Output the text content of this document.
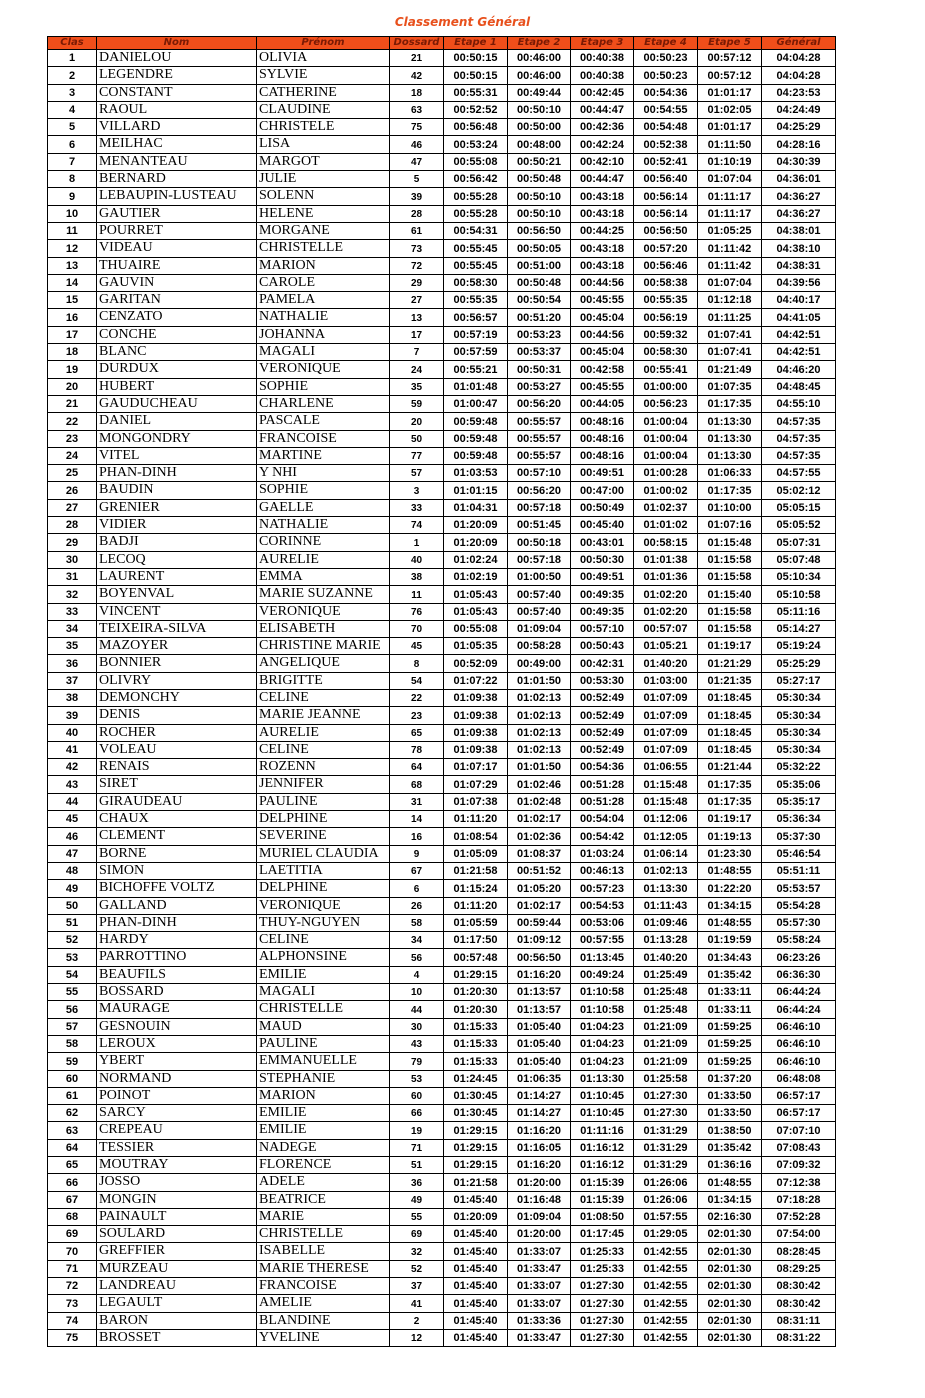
Classement Général
Clas	Nom	Prénom	Dossard	Etape 1	Etape 2	Etape 3	Etape 4	Etape 5	Général
1	DANIELOU	OLIVIA	21	00:50:15	00:46:00	00:40:38	00:50:23	00:57:12	04:04:28
2	LEGENDRE	SYLVIE	42	00:50:15	00:46:00	00:40:38	00:50:23	00:57:12	04:04:28
3	CONSTANT	CATHERINE	18	00:55:31	00:49:44	00:42:45	00:54:36	01:01:17	04:23:53
4	RAOUL	CLAUDINE	63	00:52:52	00:50:10	00:44:47	00:54:55	01:02:05	04:24:49
5	VILLARD	CHRISTELE	75	00:56:48	00:50:00	00:42:36	00:54:48	01:01:17	04:25:29
6	MEILHAC	LISA	46	00:53:24	00:48:00	00:42:24	00:52:38	01:11:50	04:28:16
7	MENANTEAU	MARGOT	47	00:55:08	00:50:21	00:42:10	00:52:41	01:10:19	04:30:39
8	BERNARD	JULIE	5	00:56:42	00:50:48	00:44:47	00:56:40	01:07:04	04:36:01
9	LEBAUPIN-LUSTEAU	SOLENN	39	00:55:28	00:50:10	00:43:18	00:56:14	01:11:17	04:36:27
10	GAUTIER	HELENE	28	00:55:28	00:50:10	00:43:18	00:56:14	01:11:17	04:36:27
11	POURRET	MORGANE	61	00:54:31	00:56:50	00:44:25	00:56:50	01:05:25	04:38:01
12	VIDEAU	CHRISTELLE	73	00:55:45	00:50:05	00:43:18	00:57:20	01:11:42	04:38:10
13	THUAIRE	MARION	72	00:55:45	00:51:00	00:43:18	00:56:46	01:11:42	04:38:31
14	GAUVIN	CAROLE	29	00:58:30	00:50:48	00:44:56	00:58:38	01:07:04	04:39:56
15	GARITAN	PAMELA	27	00:55:35	00:50:54	00:45:55	00:55:35	01:12:18	04:40:17
16	CENZATO	NATHALIE	13	00:56:57	00:51:20	00:45:04	00:56:19	01:11:25	04:41:05
17	CONCHE	JOHANNA	17	00:57:19	00:53:23	00:44:56	00:59:32	01:07:41	04:42:51
18	BLANC	MAGALI	7	00:57:59	00:53:37	00:45:04	00:58:30	01:07:41	04:42:51
19	DURDUX	VERONIQUE	24	00:55:21	00:50:31	00:42:58	00:55:41	01:21:49	04:46:20
20	HUBERT	SOPHIE	35	01:01:48	00:53:27	00:45:55	01:00:00	01:07:35	04:48:45
21	GAUDUCHEAU	CHARLENE	59	01:00:47	00:56:20	00:44:05	00:56:23	01:17:35	04:55:10
22	DANIEL	PASCALE	20	00:59:48	00:55:57	00:48:16	01:00:04	01:13:30	04:57:35
23	MONGONDRY	FRANCOISE	50	00:59:48	00:55:57	00:48:16	01:00:04	01:13:30	04:57:35
24	VITEL	MARTINE	77	00:59:48	00:55:57	00:48:16	01:00:04	01:13:30	04:57:35
25	PHAN-DINH	Y NHI	57	01:03:53	00:57:10	00:49:51	01:00:28	01:06:33	04:57:55
26	BAUDIN	SOPHIE	3	01:01:15	00:56:20	00:47:00	01:00:02	01:17:35	05:02:12
27	GRENIER	GAELLE	33	01:04:31	00:57:18	00:50:49	01:02:37	01:10:00	05:05:15
28	VIDIER	NATHALIE	74	01:20:09	00:51:45	00:45:40	01:01:02	01:07:16	05:05:52
29	BADJI	CORINNE	1	01:20:09	00:50:18	00:43:01	00:58:15	01:15:48	05:07:31
30	LECOQ	AURELIE	40	01:02:24	00:57:18	00:50:30	01:01:38	01:15:58	05:07:48
31	LAURENT	EMMA	38	01:02:19	01:00:50	00:49:51	01:01:36	01:15:58	05:10:34
32	BOYENVAL	MARIE SUZANNE	11	01:05:43	00:57:40	00:49:35	01:02:20	01:15:40	05:10:58
33	VINCENT	VERONIQUE	76	01:05:43	00:57:40	00:49:35	01:02:20	01:15:58	05:11:16
34	TEIXEIRA-SILVA	ELISABETH	70	00:55:08	01:09:04	00:57:10	00:57:07	01:15:58	05:14:27
35	MAZOYER	CHRISTINE MARIE	45	01:05:35	00:58:28	00:50:43	01:05:21	01:19:17	05:19:24
36	BONNIER	ANGELIQUE	8	00:52:09	00:49:00	00:42:31	01:40:20	01:21:29	05:25:29
37	OLIVRY	BRIGITTE	54	01:07:22	01:01:50	00:53:30	01:03:00	01:21:35	05:27:17
38	DEMONCHY	CELINE	22	01:09:38	01:02:13	00:52:49	01:07:09	01:18:45	05:30:34
39	DENIS	MARIE JEANNE	23	01:09:38	01:02:13	00:52:49	01:07:09	01:18:45	05:30:34
40	ROCHER	AURELIE	65	01:09:38	01:02:13	00:52:49	01:07:09	01:18:45	05:30:34
41	VOLEAU	CELINE	78	01:09:38	01:02:13	00:52:49	01:07:09	01:18:45	05:30:34
42	RENAIS	ROZENN	64	01:07:17	01:01:50	00:54:36	01:06:55	01:21:44	05:32:22
43	SIRET	JENNIFER	68	01:07:29	01:02:46	00:51:28	01:15:48	01:17:35	05:35:06
44	GIRAUDEAU	PAULINE	31	01:07:38	01:02:48	00:51:28	01:15:48	01:17:35	05:35:17
45	CHAUX	DELPHINE	14	01:11:20	01:02:17	00:54:04	01:12:06	01:19:17	05:36:34
46	CLEMENT	SEVERINE	16	01:08:54	01:02:36	00:54:42	01:12:05	01:19:13	05:37:30
47	BORNE	MURIEL CLAUDIA	9	01:05:09	01:08:37	01:03:24	01:06:14	01:23:30	05:46:54
48	SIMON	LAETITIA	67	01:21:58	00:51:52	00:46:13	01:02:13	01:48:55	05:51:11
49	BICHOFFE VOLTZ	DELPHINE	6	01:15:24	01:05:20	00:57:23	01:13:30	01:22:20	05:53:57
50	GALLAND	VERONIQUE	26	01:11:20	01:02:17	00:54:53	01:11:43	01:34:15	05:54:28
51	PHAN-DINH	THUY-NGUYEN	58	01:05:59	00:59:44	00:53:06	01:09:46	01:48:55	05:57:30
52	HARDY	CELINE	34	01:17:50	01:09:12	00:57:55	01:13:28	01:19:59	05:58:24
53	PARROTTINO	ALPHONSINE	56	00:57:48	00:56:50	01:13:45	01:40:20	01:34:43	06:23:26
54	BEAUFILS	EMILIE	4	01:29:15	01:16:20	00:49:24	01:25:49	01:35:42	06:36:30
55	BOSSARD	MAGALI	10	01:20:30	01:13:57	01:10:58	01:25:48	01:33:11	06:44:24
56	MAURAGE	CHRISTELLE	44	01:20:30	01:13:57	01:10:58	01:25:48	01:33:11	06:44:24
57	GESNOUIN	MAUD	30	01:15:33	01:05:40	01:04:23	01:21:09	01:59:25	06:46:10
58	LEROUX	PAULINE	43	01:15:33	01:05:40	01:04:23	01:21:09	01:59:25	06:46:10
59	YBERT	EMMANUELLE	79	01:15:33	01:05:40	01:04:23	01:21:09	01:59:25	06:46:10
60	NORMAND	STEPHANIE	53	01:24:45	01:06:35	01:13:30	01:25:58	01:37:20	06:48:08
61	POINOT	MARION	60	01:30:45	01:14:27	01:10:45	01:27:30	01:33:50	06:57:17
62	SARCY	EMILIE	66	01:30:45	01:14:27	01:10:45	01:27:30	01:33:50	06:57:17
63	CREPEAU	EMILIE	19	01:29:15	01:16:20	01:11:16	01:31:29	01:38:50	07:07:10
64	TESSIER	NADEGE	71	01:29:15	01:16:05	01:16:12	01:31:29	01:35:42	07:08:43
65	MOUTRAY	FLORENCE	51	01:29:15	01:16:20	01:16:12	01:31:29	01:36:16	07:09:32
66	JOSSO	ADELE	36	01:21:58	01:20:00	01:15:39	01:26:06	01:48:55	07:12:38
67	MONGIN	BEATRICE	49	01:45:40	01:16:48	01:15:39	01:26:06	01:34:15	07:18:28
68	PAINAULT	MARIE	55	01:20:09	01:09:04	01:08:50	01:57:55	02:16:30	07:52:28
69	SOULARD	CHRISTELLE	69	01:45:40	01:20:00	01:17:45	01:29:05	02:01:30	07:54:00
70	GREFFIER	ISABELLE	32	01:45:40	01:33:07	01:25:33	01:42:55	02:01:30	08:28:45
71	MURZEAU	MARIE THERESE	52	01:45:40	01:33:47	01:25:33	01:42:55	02:01:30	08:29:25
72	LANDREAU	FRANCOISE	37	01:45:40	01:33:07	01:27:30	01:42:55	02:01:30	08:30:42
73	LEGAULT	AMELIE	41	01:45:40	01:33:07	01:27:30	01:42:55	02:01:30	08:30:42
74	BARON	BLANDINE	2	01:45:40	01:33:36	01:27:30	01:42:55	02:01:30	08:31:11
75	BROSSET	YVELINE	12	01:45:40	01:33:47	01:27:30	01:42:55	02:01:30	08:31:22
